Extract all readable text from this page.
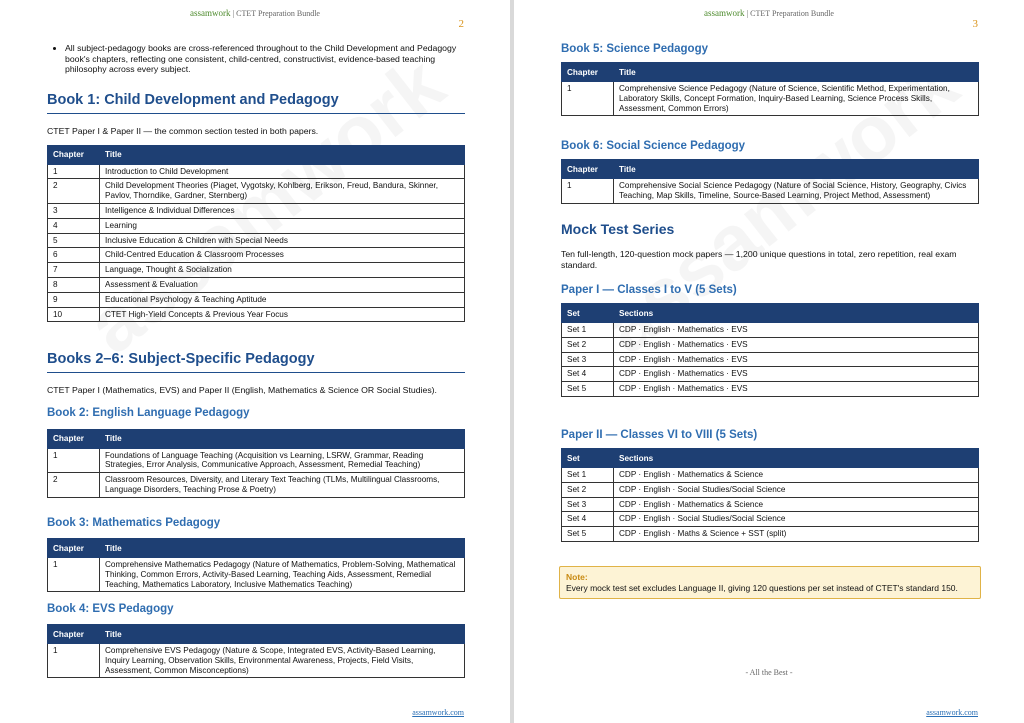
assamwork | CTET Preparation Bundle
2
• All subject-pedagogy books are cross-referenced throughout to the Child Development and Pedagogy book's chapters, reflecting one consistent, child-centred, constructivist, evidence-based teaching philosophy across every subject.
Book 1: Child Development and Pedagogy

CTET Paper I & Paper II — the common section tested in both papers.

Chapter	Title
1	Introduction to Child Development
2	Child Development Theories (Piaget, Vygotsky, Kohlberg, Erikson, Freud, Bandura, Skinner, Pavlov, Thorndike, Gardner, Sternberg)
3	Intelligence & Individual Differences
4	Learning
5	Inclusive Education & Children with Special Needs
6	Child-Centred Education & Classroom Processes
7	Language, Thought & Socialization
8	Assessment & Evaluation
9	Educational Psychology & Teaching Aptitude
10	CTET High-Yield Concepts & Previous Year Focus
Books 2–6: Subject-Specific Pedagogy

CTET Paper I (Mathematics, EVS) and Paper II (English, Mathematics & Science OR Social Studies).

Book 2: English Language Pedagogy
Chapter	Title
1	Foundations of Language Teaching (Acquisition vs Learning, LSRW, Grammar, Reading Strategies, Error Analysis, Communicative Approach, Assessment, Remedial Teaching)
2	Classroom Resources, Diversity, and Literary Text Teaching (TLMs, Multilingual Classrooms, Language Disorders, Teaching Prose & Poetry)
Book 3: Mathematics Pedagogy
Chapter	Title
1	Comprehensive Mathematics Pedagogy (Nature of Mathematics, Problem-Solving, Mathematical Thinking, Common Errors, Activity-Based Learning, Teaching Aids, Assessment, Remedial Teaching, Mathematics Laboratory, Inclusive Mathematics Teaching)
Book 4: EVS Pedagogy
Chapter	Title
1	Comprehensive EVS Pedagogy (Nature & Scope, Integrated EVS, Activity-Based Learning, Inquiry Learning, Observation Skills, Environmental Awareness, Projects, Field Visits, Assessment, Common Misconceptions)
assamwork.com
assamwork | CTET Preparation Bundle
3
Book 5: Science Pedagogy
Chapter	Title
1	Comprehensive Science Pedagogy (Nature of Science, Scientific Method, Experimentation, Laboratory Skills, Concept Formation, Inquiry-Based Learning, Science Process Skills, Assessment, Common Errors)
Book 6: Social Science Pedagogy
Chapter	Title
1	Comprehensive Social Science Pedagogy (Nature of Social Science, History, Geography, Civics Teaching, Map Skills, Timeline, Source-Based Learning, Project Method, Assessment)
Mock Test Series

Ten full-length, 120-question mock papers — 1,200 unique questions in total, zero repetition, real exam standard.

Paper I — Classes I to V (5 Sets)
Set	Sections
Set 1	CDP · English · Mathematics · EVS
Set 2	CDP · English · Mathematics · EVS
Set 3	CDP · English · Mathematics · EVS
Set 4	CDP · English · Mathematics · EVS
Set 5	CDP · English · Mathematics · EVS
Paper II — Classes VI to VIII (5 Sets)
Set	Sections
Set 1	CDP · English · Mathematics & Science
Set 2	CDP · English · Social Studies/Social Science
Set 3	CDP · English · Mathematics & Science
Set 4	CDP · English · Social Studies/Social Science
Set 5	CDP · English · Maths & Science + SST (split)
- All the Best -
assamwork.com
Note:
Every mock test set excludes Language II, giving 120 questions per set instead of CTET's standard 150.
